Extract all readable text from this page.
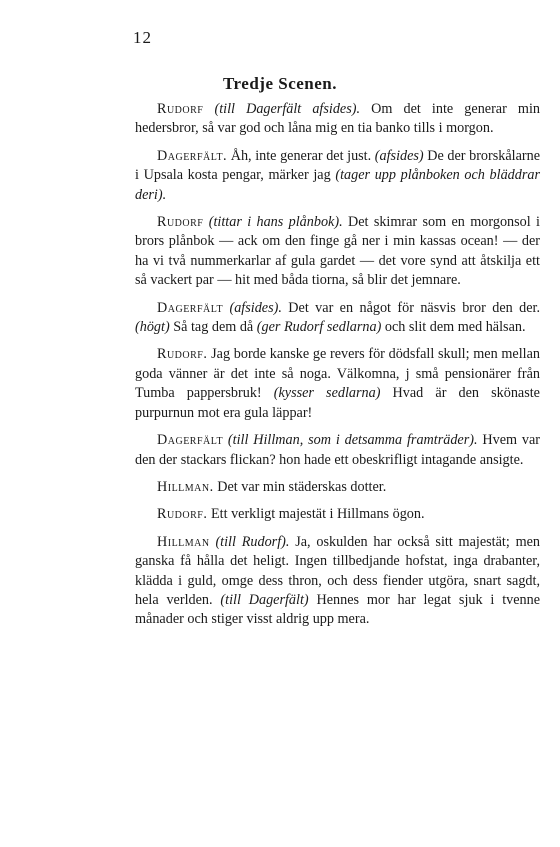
12
Tredje Scenen.

Rudorf (till Dagerfält afsides). Om det inte generar min hedersbror, så var god och låna mig en tia banko tills i morgon.

Dagerfält. Åh, inte generar det just. (afsides) De der brorskålarne i Upsala kosta pengar, märker jag (tager upp plånboken och bläddrar deri).

Rudorf (tittar i hans plånbok). Det skimrar som en morgonsol i brors plånbok — ack om den finge gå ner i min kassas ocean! — der ha vi två nummerkarlar af gula gardet — det vore synd att åtskilja ett så vackert par — hit med båda tiorna, så blir det jemnare.

Dagerfält (afsides). Det var en något för näsvis bror den der. (högt) Så tag dem då (ger Rudorf sedlarna) och slit dem med hälsan.

Rudorf. Jag borde kanske ge revers för dödsfall skull; men mellan goda vänner är det inte så noga. Välkomna, j små pensionärer från Tumba pappersbruk! (kysser sedlarna) Hvad är den skönaste purpurnun mot era gula läppar!

Dagerfält (till Hillman, som i detsamma framträder). Hvem var den der stackars flickan? hon hade ett obeskrifligt intagande ansigte.

Hillman. Det var min städerskas dotter.

Rudorf. Ett verkligt majestät i Hillmans ögon.

Hillman (till Rudorf). Ja, oskulden har också sitt majestät; men ganska få hålla det heligt. Ingen tillbedjande hofstat, inga drabanter, klädda i guld, omge dess thron, och dess fiender utgöra, snart sagdt, hela verlden. (till Dagerfält) Hennes mor har legat sjuk i tvenne månader och stiger visst aldrig upp mera.
